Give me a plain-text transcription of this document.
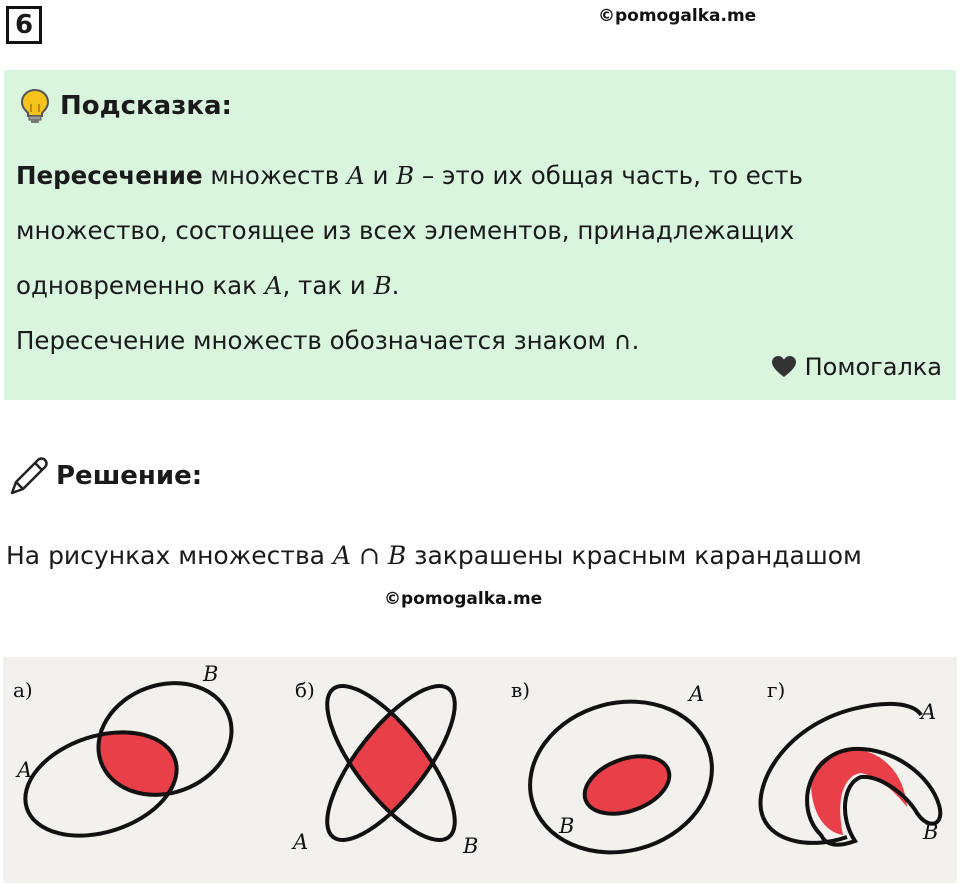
6	©pomogalka.me
Подсказка:
Пересечение множеств A и B – это их общая часть, то есть множество, состоящее из всех элементов, принадлежащих одновременно как A, так и B.
Пересечение множеств обозначается знаком ∩.
Помогалка
Решение:
На рисунках множества A ∩ B закрашены красным карандашом
©pomogalka.me
а)
A
B
б)
A	B
в)	A
B
г)
A
B
